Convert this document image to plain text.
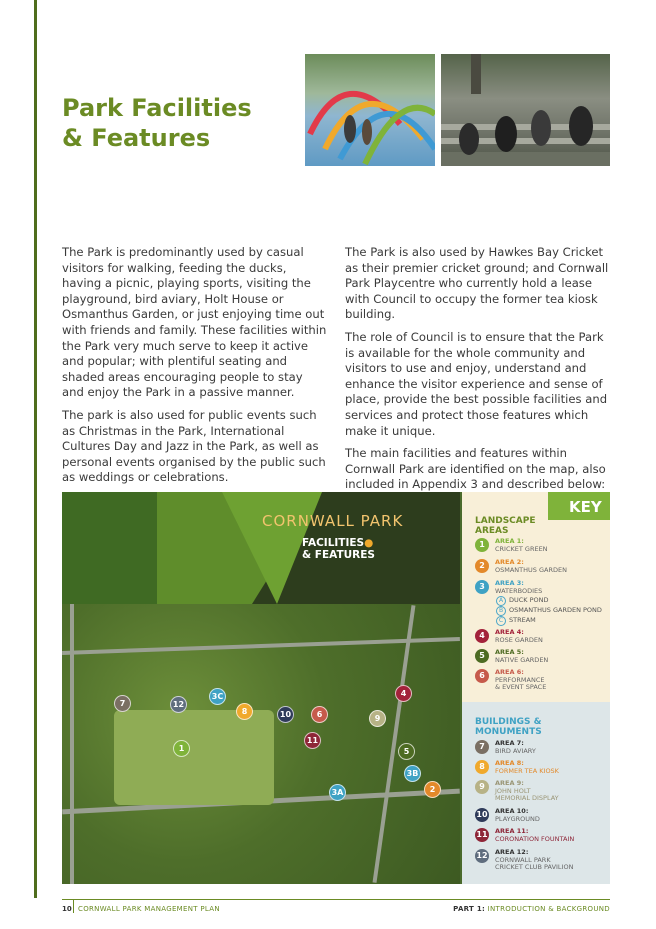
Park Facilities
& Features

The Park is predominantly used by casual visitors for walking, feeding the ducks, having a picnic, playing sports, visiting the playground, bird aviary, Holt House or Osmanthus Garden, or just enjoying time out with friends and family. These facilities within the Park very much serve to keep it active and popular; with plentiful seating and shaded areas encouraging people to stay and enjoy the Park in a passive manner.

The park is also used for public events such as Christmas in the Park, International Cultures Day and Jazz in the Park, as well as personal events organised by the public such as weddings or celebrations.

The Park is also used by Hawkes Bay Cricket as their premier cricket ground; and Cornwall Park Playcentre who currently hold a lease with Council to occupy the former tea kiosk building.

The role of Council is to ensure that the Park is available for the whole community and visitors to use and enjoy, understand and enhance the visitor experience and sense of place, provide the best possible facilities and services and protect those features which make it unique.

The main facilities and features within Cornwall Park are identified on the map, also included in Appendix 3 and described below:

CORNWALL PARK
FACILITIES●
& FEATURES
7	12
3C
8	10	6
4
9
11
1	5
3B
3A	2
KEY
LANDSCAPE
AREAS
1	AREA 1:
CRICKET GREEN
2	AREA 2:
OSMANTHUS GARDEN
3	AREA 3:
WATERBODIES
A DUCK POND
B OSMANTHUS GARDEN POND
C STREAM
4	AREA 4:
ROSE GARDEN
5	AREA 5:
NATIVE GARDEN
6	AREA 6:
PERFORMANCE
& EVENT SPACE
BUILDINGS &
MONUMENTS
7	AREA 7:
BIRD AVIARY
8	AREA 8:
FORMER TEA KIOSK
9	AREA 9:
JOHN HOLT
MEMORIAL DISPLAY
10 AREA 10:
PLAYGROUND
11 AREA 11:
CORONATION FOUNTAIN
12 AREA 12:
CORNWALL PARK
CRICKET CLUB PAVILION
10 CORNWALL PARK MANAGEMENT PLAN	PART 1: INTRODUCTION & BACKGROUND
